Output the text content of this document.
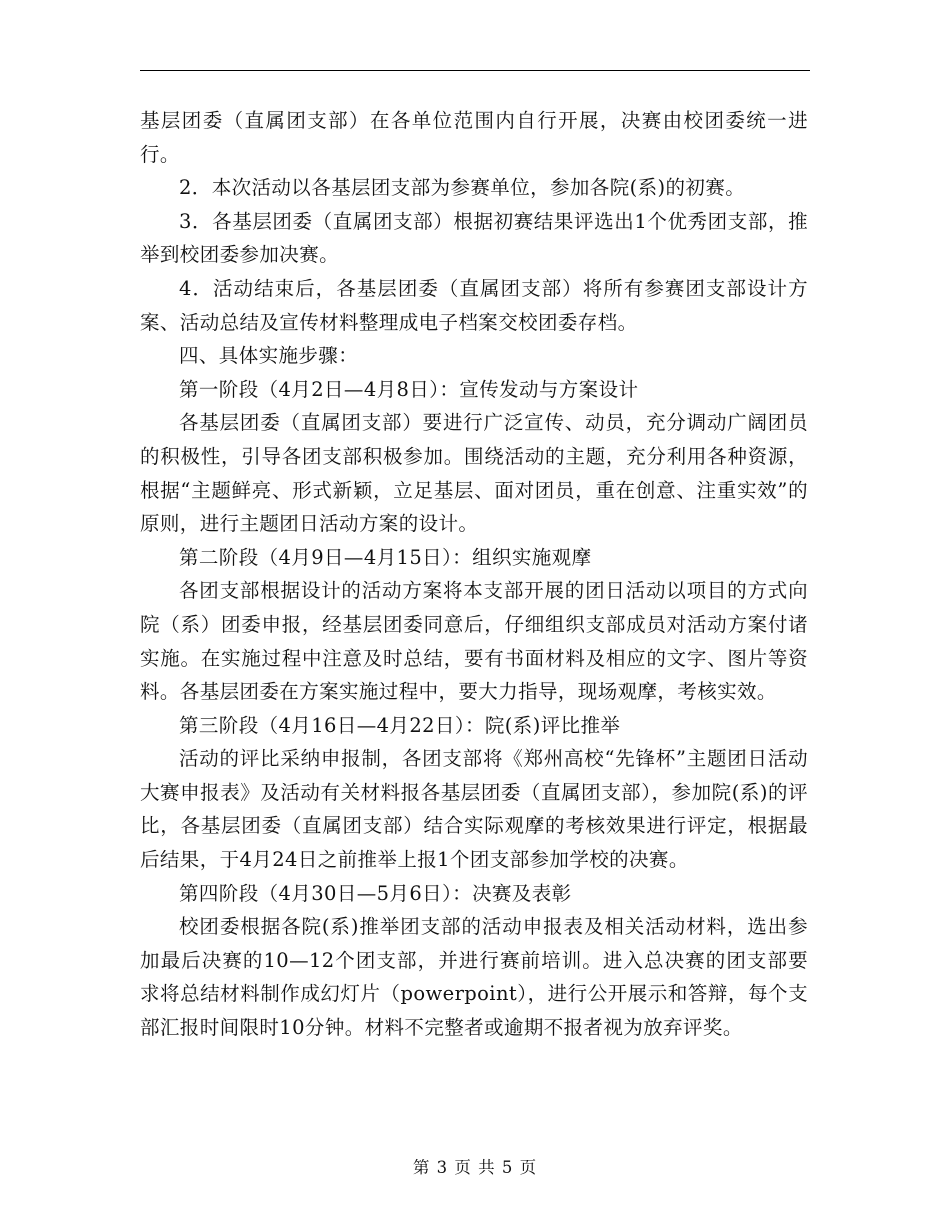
基层团委（直属团支部）在各单位范围内自行开展，决赛由校团委统一进行。

2．本次活动以各基层团支部为参赛单位，参加各院(系)的初赛。

3．各基层团委（直属团支部）根据初赛结果评选出1个优秀团支部，推举到校团委参加决赛。

4．活动结束后，各基层团委（直属团支部）将所有参赛团支部设计方案、活动总结及宣传材料整理成电子档案交校团委存档。

四、具体实施步骤：

第一阶段（4月2日—4月8日）：宣传发动与方案设计

各基层团委（直属团支部）要进行广泛宣传、动员，充分调动广阔团员的积极性，引导各团支部积极参加。围绕活动的主题，充分利用各种资源，根据“主题鲜亮、形式新颖，立足基层、面对团员，重在创意、注重实效”的原则，进行主题团日活动方案的设计。

第二阶段（4月9日—4月15日）：组织实施观摩

各团支部根据设计的活动方案将本支部开展的团日活动以项目的方式向院（系）团委申报，经基层团委同意后，仔细组织支部成员对活动方案付诸实施。在实施过程中注意及时总结，要有书面材料及相应的文字、图片等资料。各基层团委在方案实施过程中，要大力指导，现场观摩，考核实效。

第三阶段（4月16日—4月22日）：院(系)评比推举

活动的评比采纳申报制，各团支部将《郑州高校“先锋杯”主题团日活动大赛申报表》及活动有关材料报各基层团委（直属团支部），参加院(系)的评比，各基层团委（直属团支部）结合实际观摩的考核效果进行评定，根据最后结果，于4月24日之前推举上报1个团支部参加学校的决赛。

第四阶段（4月30日—5月6日）：决赛及表彰

校团委根据各院(系)推举团支部的活动申报表及相关活动材料，选出参加最后决赛的10—12个团支部，并进行赛前培训。进入总决赛的团支部要求将总结材料制作成幻灯片（powerpoint），进行公开展示和答辩，每个支部汇报时间限时10分钟。材料不完整者或逾期不报者视为放弃评奖。

第 3 页 共 5 页
